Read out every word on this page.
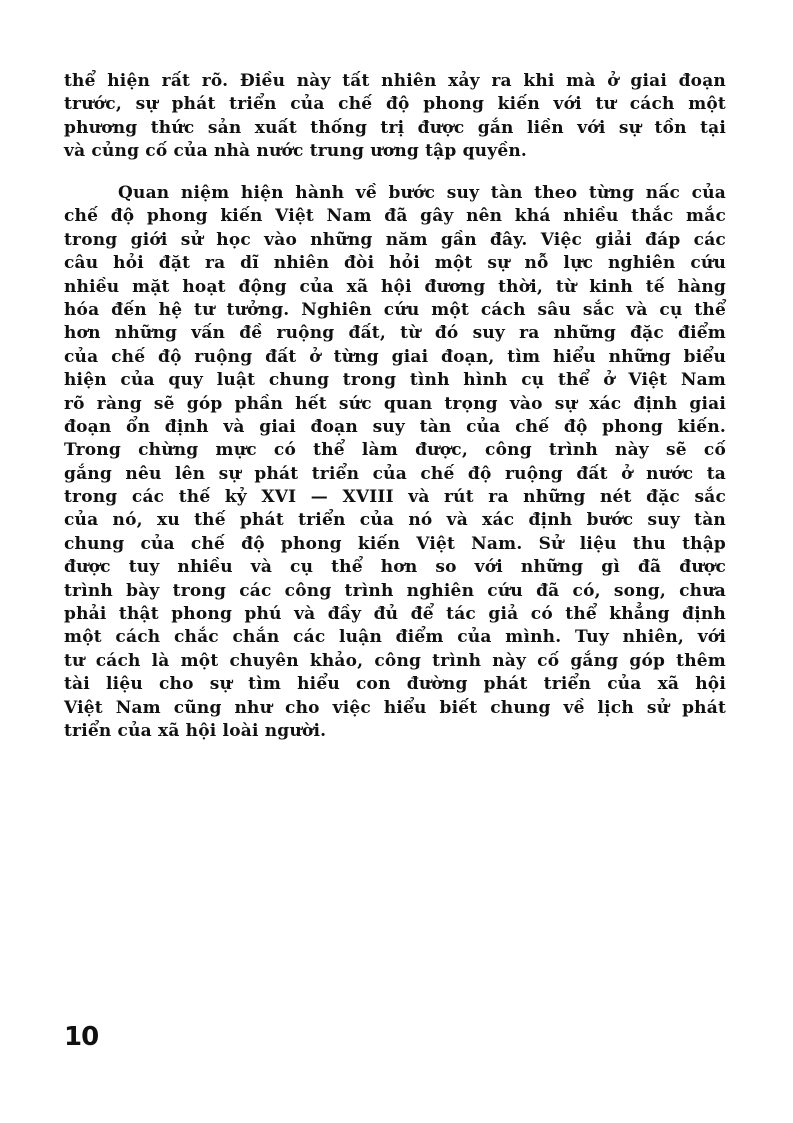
thể hiện rất rõ. Điều này tất nhiên xảy ra khi mà ở giai đoạn
trước, sự phát triển của chế độ phong kiến với tư cách một
phương thức sản xuất thống trị được gắn liền với sự tồn tại
và củng cố của nhà nước trung ương tập quyền.
Quan niệm hiện hành về bước suy tàn theo từng nấc của
chế độ phong kiến Việt Nam đã gây nên khá nhiều thắc mắc
trong giới sử học vào những năm gần đây. Việc giải đáp các
câu hỏi đặt ra dĩ nhiên đòi hỏi một sự nỗ lực nghiên cứu
nhiều mặt hoạt động của xã hội đương thời, từ kinh tế hàng
hóa đến hệ tư tưởng. Nghiên cứu một cách sâu sắc và cụ thể
hơn những vấn đề ruộng đất, từ đó suy ra những đặc điểm
của chế độ ruộng đất ở từng giai đoạn, tìm hiểu những biểu
hiện của quy luật chung trong tình hình cụ thể ở Việt Nam
rõ ràng sẽ góp phần hết sức quan trọng vào sự xác định giai
đoạn ổn định và giai đoạn suy tàn của chế độ phong kiến.
Trong chừng mực có thể làm được, công trình này sẽ cố
gắng nêu lên sự phát triển của chế độ ruộng đất ở nước ta
trong các thế kỷ XVI — XVIII và rút ra những nét đặc sắc
của nó, xu thế phát triển của nó và xác định bước suy tàn
chung của chế độ phong kiến Việt Nam. Sử liệu thu thập
được tuy nhiều và cụ thể hơn so với những gì đã được
trình bày trong các công trình nghiên cứu đã có, song, chưa
phải thật phong phú và đầy đủ để tác giả có thể khẳng định
một cách chắc chắn các luận điểm của mình. Tuy nhiên, với
tư cách là một chuyên khảo, công trình này cố gắng góp thêm
tài liệu cho sự tìm hiểu con đường phát triển của xã hội
Việt Nam cũng như cho việc hiểu biết chung về lịch sử phát
triển của xã hội loài người.
10
